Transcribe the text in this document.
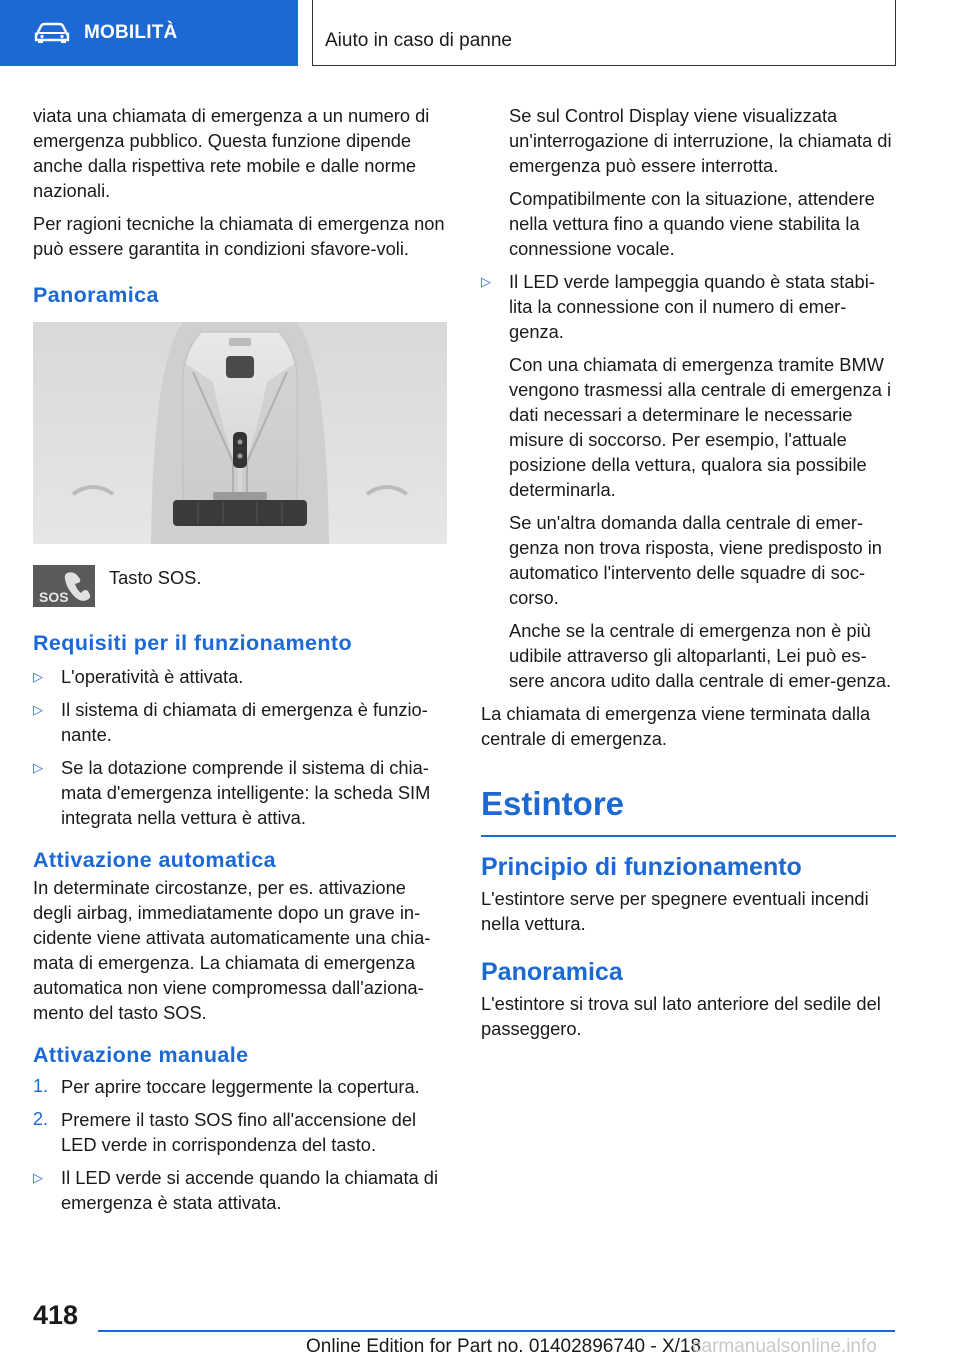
MOBILITÀ	Aiuto in caso di panne

viata una chiamata di emergenza a un numero di emergenza pubblico. Questa funzione dipende anche dalla rispettiva rete mobile e dalle norme nazionali.

Per ragioni tecniche la chiamata di emergenza non può essere garantita in condizioni sfavore-voli.

Panoramica
SOS
Tasto SOS.
Requisiti per il funzionamento
▷ L'operatività è attivata.
▷ Il sistema di chiamata di emergenza è funzio-nante.
▷ Se la dotazione comprende il sistema di chia-mata d'emergenza intelligente: la scheda SIM integrata nella vettura è attiva.
Attivazione automatica

In determinate circostanze, per es. attivazione degli airbag, immediatamente dopo un grave in-cidente viene attivata automaticamente una chia-mata di emergenza. La chiamata di emergenza automatica non viene compromessa dall'aziona-mento del tasto SOS.

Attivazione manuale
1. Per aprire toccare leggermente la copertura.
2. Premere il tasto SOS fino all'accensione del LED verde in corrispondenza del tasto.
▷ Il LED verde si accende quando la chiamata di emergenza è stata attivata.

Se sul Control Display viene visualizzata un'interrogazione di interruzione, la chiamata di emergenza può essere interrotta.

Compatibilmente con la situazione, attendere nella vettura fino a quando viene stabilita la connessione vocale.

▷ Il LED verde lampeggia quando è stata stabi-lita la connessione con il numero di emer-genza.

Con una chiamata di emergenza tramite BMW vengono trasmessi alla centrale di emergenza i dati necessari a determinare le necessarie misure di soccorso. Per esempio, l'attuale posizione della vettura, qualora sia possibile determinarla.

Se un'altra domanda dalla centrale di emer-genza non trova risposta, viene predisposto in automatico l'intervento delle squadre di soc-corso.

Anche se la centrale di emergenza non è più udibile attraverso gli altoparlanti, Lei può es-sere ancora udito dalla centrale di emer-genza.

La chiamata di emergenza viene terminata dalla centrale di emergenza.

Estintore
Principio di funzionamento

L'estintore serve per spegnere eventuali incendi nella vettura.

Panoramica

L'estintore si trova sul lato anteriore del sedile del passeggero.

418
Online Edition for Part no. 01402896740 - X/18
carmanualsonline.info
